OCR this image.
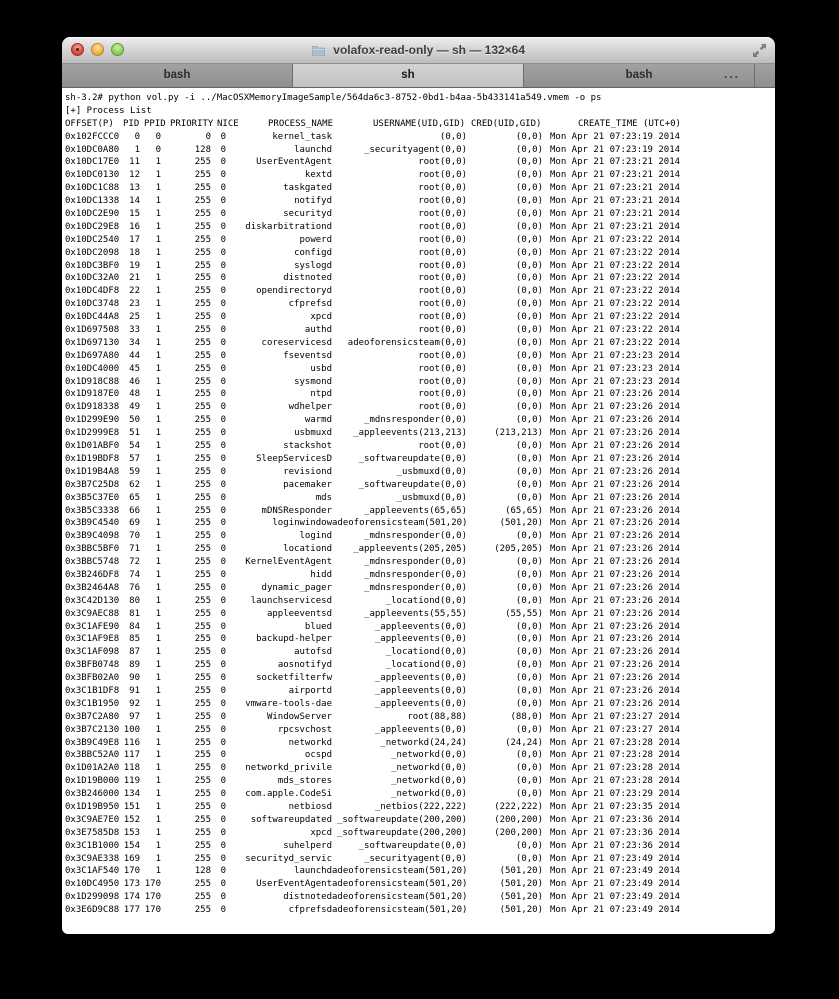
volafox-read-only — sh — 132×64
bash	sh	bash	...
sh-3.2# python vol.py -i ../MacOSXMemoryImageSample/564da6c3-8752-0bd1-b4aa-5b433141a549.vmem -o ps
[+] Process List
OFFSET(P) PID PPID PRIORITY NICE	PROCESS_NAME	USERNAME(UID,GID) CRED(UID,GID)	CREATE_TIME (UTC+0)
0x102FCCC0	0	0	0	0	kernel_task	(0,0)	(0,0) Mon Apr 21 07:23:19 2014
0x10DC0A80	1	0	128	0	launchd	_securityagent(0,0)	(0,0) Mon Apr 21 07:23:19 2014
0x10DC17E0	11	1	255	0	UserEventAgent	root(0,0)	(0,0) Mon Apr 21 07:23:21 2014
0x10DC0130	12	1	255	0	kextd	root(0,0)	(0,0) Mon Apr 21 07:23:21 2014
0x10DC1C88	13	1	255	0	taskgated	root(0,0)	(0,0) Mon Apr 21 07:23:21 2014
0x10DC1338	14	1	255	0	notifyd	root(0,0)	(0,0) Mon Apr 21 07:23:21 2014
0x10DC2E90	15	1	255	0	securityd	root(0,0)	(0,0) Mon Apr 21 07:23:21 2014
0x10DC29E8	16	1	255	0	diskarbitrationd	root(0,0)	(0,0) Mon Apr 21 07:23:21 2014
0x10DC2540	17	1	255	0	powerd	root(0,0)	(0,0) Mon Apr 21 07:23:22 2014
0x10DC2098	18	1	255	0	configd	root(0,0)	(0,0) Mon Apr 21 07:23:22 2014
0x10DC3BF0	19	1	255	0	syslogd	root(0,0)	(0,0) Mon Apr 21 07:23:22 2014
0x10DC32A0	21	1	255	0	distnoted	root(0,0)	(0,0) Mon Apr 21 07:23:22 2014
0x10DC4DF8	22	1	255	0	opendirectoryd	root(0,0)	(0,0) Mon Apr 21 07:23:22 2014
0x10DC3748	23	1	255	0	cfprefsd	root(0,0)	(0,0) Mon Apr 21 07:23:22 2014
0x10DC44A8	25	1	255	0	xpcd	root(0,0)	(0,0) Mon Apr 21 07:23:22 2014
0x1D697508	33	1	255	0	authd	root(0,0)	(0,0) Mon Apr 21 07:23:22 2014
0x1D697130	34	1	255	0	coreservicesd	adeoforensicsteam(0,0)	(0,0) Mon Apr 21 07:23:22 2014
0x1D697A80	44	1	255	0	fseventsd	root(0,0)	(0,0) Mon Apr 21 07:23:23 2014
0x10DC4000	45	1	255	0	usbd	root(0,0)	(0,0) Mon Apr 21 07:23:23 2014
0x1D918C88	46	1	255	0	sysmond	root(0,0)	(0,0) Mon Apr 21 07:23:23 2014
0x1D9187E0	48	1	255	0	ntpd	root(0,0)	(0,0) Mon Apr 21 07:23:26 2014
0x1D918338	49	1	255	0	wdhelper	root(0,0)	(0,0) Mon Apr 21 07:23:26 2014
0x1D299E90	50	1	255	0	warmd	_mdnsresponder(0,0)	(0,0) Mon Apr 21 07:23:26 2014
0x1D2999E8	51	1	255	0	usbmuxd	_appleevents(213,213)	(213,213) Mon Apr 21 07:23:26 2014
0x1D01ABF0	54	1	255	0	stackshot	root(0,0)	(0,0) Mon Apr 21 07:23:26 2014
0x1D19BDF8	57	1	255	0	SleepServicesD	_softwareupdate(0,0)	(0,0) Mon Apr 21 07:23:26 2014
0x1D19B4A8	59	1	255	0	revisiond	_usbmuxd(0,0)	(0,0) Mon Apr 21 07:23:26 2014
0x3B7C25D8	62	1	255	0	pacemaker	_softwareupdate(0,0)	(0,0) Mon Apr 21 07:23:26 2014
0x3B5C37E0	65	1	255	0	mds	_usbmuxd(0,0)	(0,0) Mon Apr 21 07:23:26 2014
0x3B5C3338	66	1	255	0	mDNSResponder	_appleevents(65,65)	(65,65) Mon Apr 21 07:23:26 2014
0x3B9C4540	69	1	255	0	loginwindow adeoforensicsteam(501,20)	(501,20) Mon Apr 21 07:23:26 2014
0x3B9C4098	70	1	255	0	logind	_mdnsresponder(0,0)	(0,0) Mon Apr 21 07:23:26 2014
0x3BBC5BF0	71	1	255	0	locationd	_appleevents(205,205)	(205,205) Mon Apr 21 07:23:26 2014
0x3BBC5748	72	1	255	0	KernelEventAgent	_mdnsresponder(0,0)	(0,0) Mon Apr 21 07:23:26 2014
0x3B246DF8	74	1	255	0	hidd	_mdnsresponder(0,0)	(0,0) Mon Apr 21 07:23:26 2014
0x3B2464A8	76	1	255	0	dynamic_pager	_mdnsresponder(0,0)	(0,0) Mon Apr 21 07:23:26 2014
0x3C42D130	80	1	255	0	launchservicesd	_locationd(0,0)	(0,0) Mon Apr 21 07:23:26 2014
0x3C9AEC88	81	1	255	0	appleeventsd	_appleevents(55,55)	(55,55) Mon Apr 21 07:23:26 2014
0x3C1AFE90	84	1	255	0	blued	_appleevents(0,0)	(0,0) Mon Apr 21 07:23:26 2014
0x3C1AF9E8	85	1	255	0	backupd-helper	_appleevents(0,0)	(0,0) Mon Apr 21 07:23:26 2014
0x3C1AF098	87	1	255	0	autofsd	_locationd(0,0)	(0,0) Mon Apr 21 07:23:26 2014
0x3BFB0748	89	1	255	0	aosnotifyd	_locationd(0,0)	(0,0) Mon Apr 21 07:23:26 2014
0x3BFB02A0	90	1	255	0	socketfilterfw	_appleevents(0,0)	(0,0) Mon Apr 21 07:23:26 2014
0x3C1B1DF8	91	1	255	0	airportd	_appleevents(0,0)	(0,0) Mon Apr 21 07:23:26 2014
0x3C1B1950	92	1	255	0	vmware-tools-dae	_appleevents(0,0)	(0,0) Mon Apr 21 07:23:26 2014
0x3B7C2A80	97	1	255	0	WindowServer	root(88,88)	(88,0) Mon Apr 21 07:23:27 2014
0x3B7C2130 100	1	255	0	rpcsvchost	_appleevents(0,0)	(0,0) Mon Apr 21 07:23:27 2014
0x3B9C49E8 116	1	255	0	networkd	_networkd(24,24)	(24,24) Mon Apr 21 07:23:28 2014
0x3BBC52A0 117	1	255	0	ocspd	_networkd(0,0)	(0,0) Mon Apr 21 07:23:28 2014
0x1D01A2A0 118	1	255	0	networkd_privile	_networkd(0,0)	(0,0) Mon Apr 21 07:23:28 2014
0x1D19B000 119	1	255	0	mds_stores	_networkd(0,0)	(0,0) Mon Apr 21 07:23:28 2014
0x3B246000 134	1	255	0	com.apple.CodeSi	_networkd(0,0)	(0,0) Mon Apr 21 07:23:29 2014
0x1D19B950 151	1	255	0	netbiosd	_netbios(222,222)	(222,222) Mon Apr 21 07:23:35 2014
0x3C9AE7E0 152	1	255	0	softwareupdated _softwareupdate(200,200)	(200,200) Mon Apr 21 07:23:36 2014
0x3E7585D8 153	1	255	0	xpcd _softwareupdate(200,200)	(200,200) Mon Apr 21 07:23:36 2014
0x3C1B1000 154	1	255	0	suhelperd	_softwareupdate(0,0)	(0,0) Mon Apr 21 07:23:36 2014
0x3C9AE338 169	1	255	0	securityd_servic	_securityagent(0,0)	(0,0) Mon Apr 21 07:23:49 2014
0x3C1AF540 170	1	128	0	launchd adeoforensicsteam(501,20)	(501,20) Mon Apr 21 07:23:49 2014
0x10DC4950 173 170	255	0	UserEventAgent adeoforensicsteam(501,20)	(501,20) Mon Apr 21 07:23:49 2014
0x1D299098 174 170	255	0	distnoted adeoforensicsteam(501,20)	(501,20) Mon Apr 21 07:23:49 2014
0x3E6D9C88 177 170	255	0	cfprefsd adeoforensicsteam(501,20)	(501,20) Mon Apr 21 07:23:49 2014
